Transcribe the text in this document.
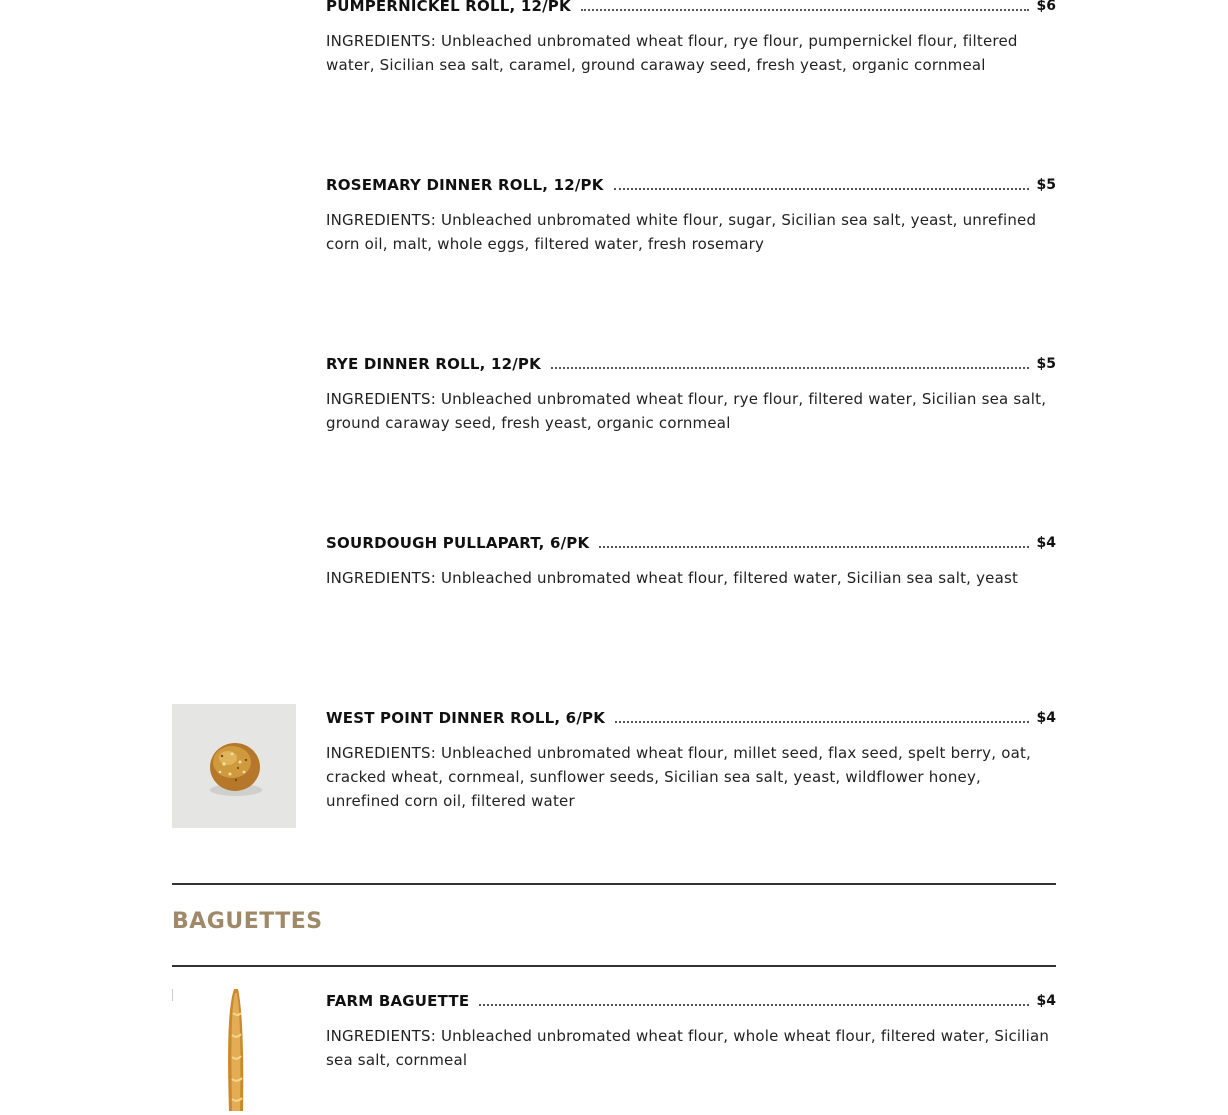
PUMPERNICKEL ROLL, 12/PK	$6
INGREDIENTS: Unbleached unbromated wheat flour, rye flour, pumpernickel flour, filtered water, Sicilian sea salt, caramel, ground caraway seed, fresh yeast, organic cornmeal
ROSEMARY DINNER ROLL, 12/PK	$5
INGREDIENTS: Unbleached unbromated white flour, sugar, Sicilian sea salt, yeast, unrefined corn oil, malt, whole eggs, filtered water, fresh rosemary
RYE DINNER ROLL, 12/PK	$5
INGREDIENTS: Unbleached unbromated wheat flour, rye flour, filtered water, Sicilian sea salt, ground caraway seed, fresh yeast, organic cornmeal
SOURDOUGH PULLAPART, 6/PK	$4
INGREDIENTS: Unbleached unbromated wheat flour, filtered water, Sicilian sea salt, yeast
WEST POINT DINNER ROLL, 6/PK	$4
INGREDIENTS: Unbleached unbromated wheat flour, millet seed, flax seed, spelt berry, oat, cracked wheat, cornmeal, sunflower seeds, Sicilian sea salt, yeast, wildflower honey, unrefined corn oil, filtered water
BAGUETTES
FARM BAGUETTE	$4
INGREDIENTS: Unbleached unbromated wheat flour, whole wheat flour, filtered water, Sicilian sea salt, cornmeal
